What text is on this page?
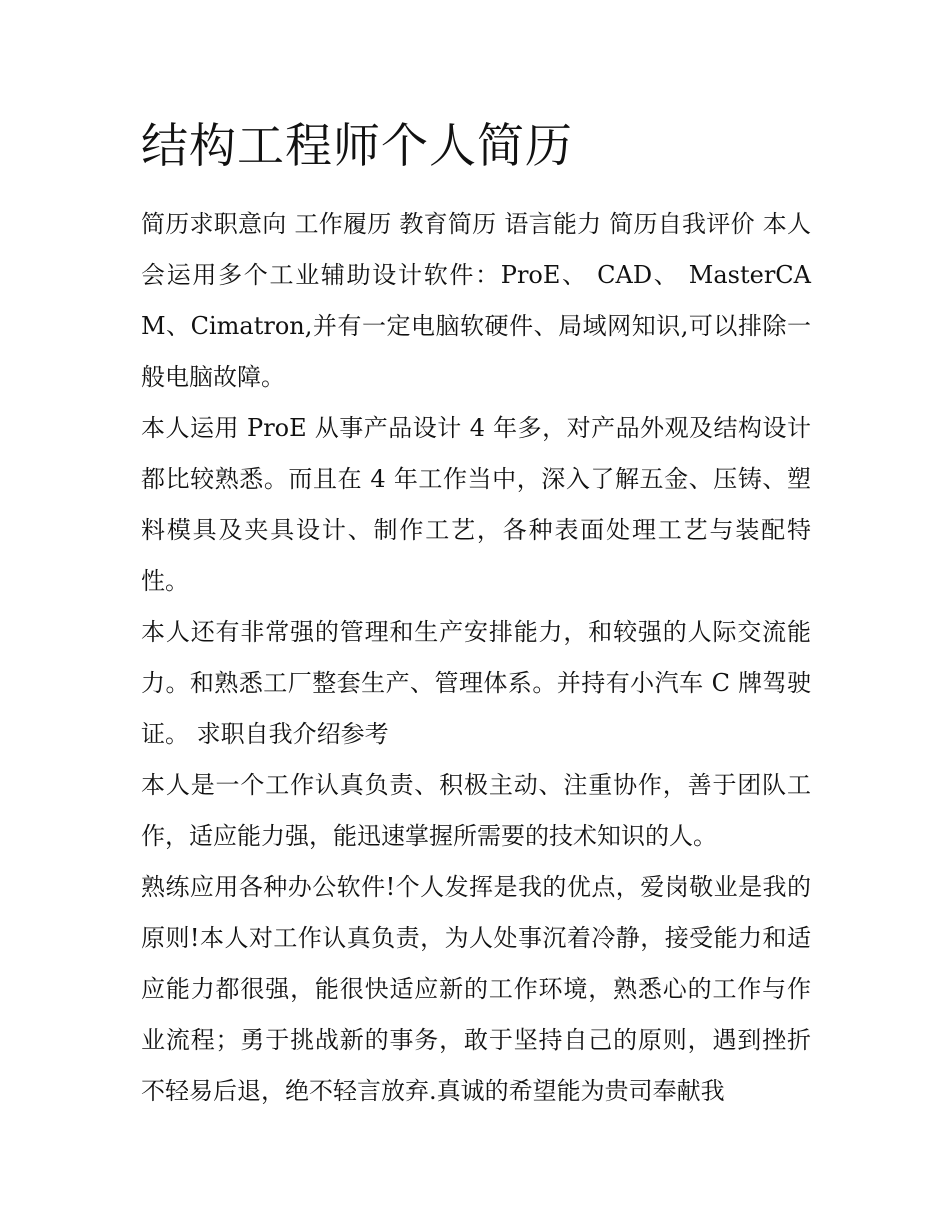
结构工程师个人简历

简历求职意向 工作履历 教育简历 语言能力 简历自我评价 本人会运用多个工业辅助设计软件：ProE、 CAD、 MasterCAM、Cimatron,并有一定电脑软硬件、局域网知识,可以排除一般电脑故障。

本人运用 ProE 从事产品设计 4 年多，对产品外观及结构设计都比较熟悉。而且在 4 年工作当中，深入了解五金、压铸、塑料模具及夹具设计、制作工艺，各种表面处理工艺与装配特性。

本人还有非常强的管理和生产安排能力，和较强的人际交流能力。和熟悉工厂整套生产、管理体系。并持有小汽车 C 牌驾驶证。 求职自我介绍参考

本人是一个工作认真负责、积极主动、注重协作，善于团队工作，适应能力强，能迅速掌握所需要的技术知识的人。

熟练应用各种办公软件!个人发挥是我的优点，爱岗敬业是我的原则!本人对工作认真负责，为人处事沉着冷静，接受能力和适应能力都很强，能很快适应新的工作环境，熟悉心的工作与作业流程；勇于挑战新的事务，敢于坚持自己的原则，遇到挫折不轻易后退，绝不轻言放弃.真诚的希望能为贵司奉献我
